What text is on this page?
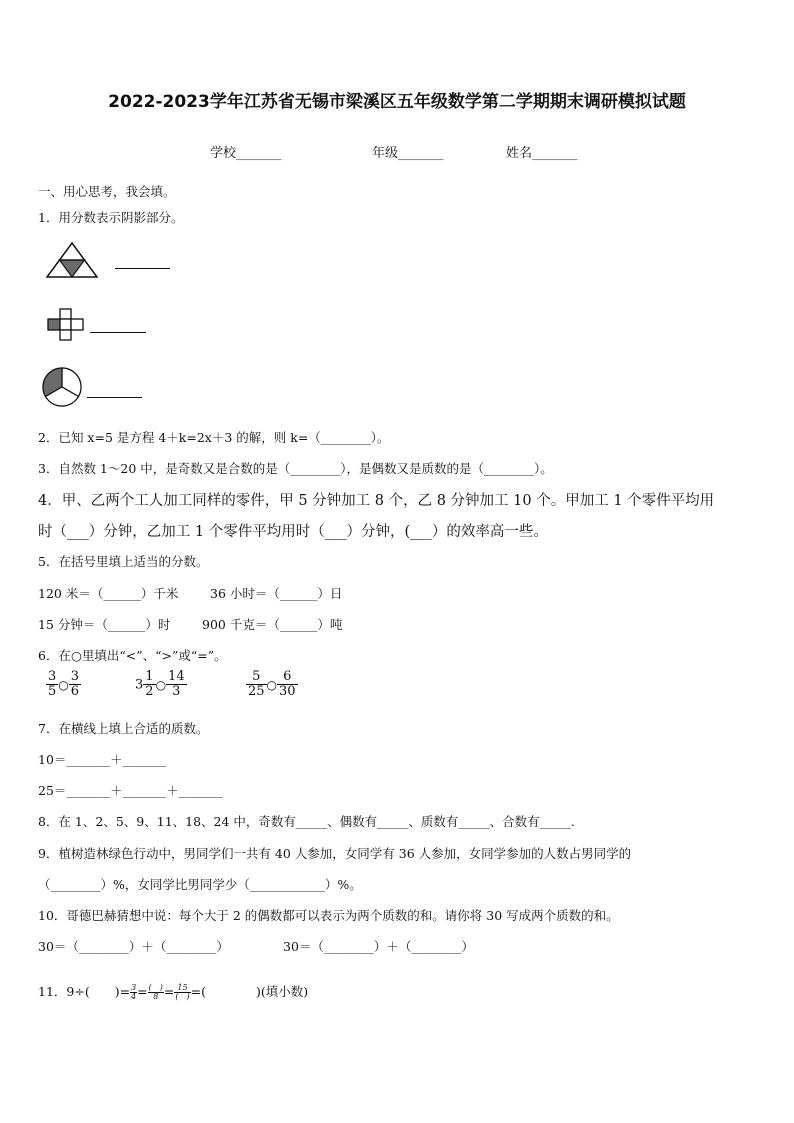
2022-2023学年江苏省无锡市梁溪区五年级数学第二学期期末调研模拟试题
学校_______	年级_______	姓名_______
一、用心思考，我会填。
1．用分数表示阴影部分。
2．已知 x=5 是方程 4＋k=2x＋3 的解，则 k=（________）。
3．自然数 1～20 中，是奇数又是合数的是（________），是偶数又是质数的是（________）。
4．甲、乙两个工人加工同样的零件，甲 5 分钟加工 8 个，乙 8 分钟加工 10 个。甲加工 1 个零件平均用
时（___）分钟，乙加工 1 个零件平均用时（___）分钟，(___）的效率高一些。
5．在括号里填上适当的分数。
120 米＝（______）千米	36 小时＝（______）日
15 分钟＝（______）时	900 千克＝（______）吨
6．在○里填出“<”、“>”或“=”。
$\frac{3}{5}$ ○ $\frac{3}{6}$	$3 \frac{1}{2}$ ○ $\frac{14}{3}$	$\frac{5}{25}$ ○ $\frac{6}{30}$
7．在横线上填上合适的质数。
10＝_______＋_______
25＝_______＋_______＋_______
8．在 1、2、5、9、11、18、24 中，奇数有_____、偶数有_____、质数有_____、合数有_____.
9．植树造林绿色行动中，男同学们一共有 40 人参加，女同学有 36 人参加，女同学参加的人数占男同学的
（________）%，女同学比男同学少（____________）%。
10．哥德巴赫猜想中说：每个大于 2 的偶数都可以表示为两个质数的和。请你将 30 写成两个质数的和。
30＝（________）＋（________）	30＝（________）＋（________）
11．9÷(　　)= $\frac{3}{4} = \frac{( )}{8} = \frac{15}{( )}$ =(　　　　)(填小数)
